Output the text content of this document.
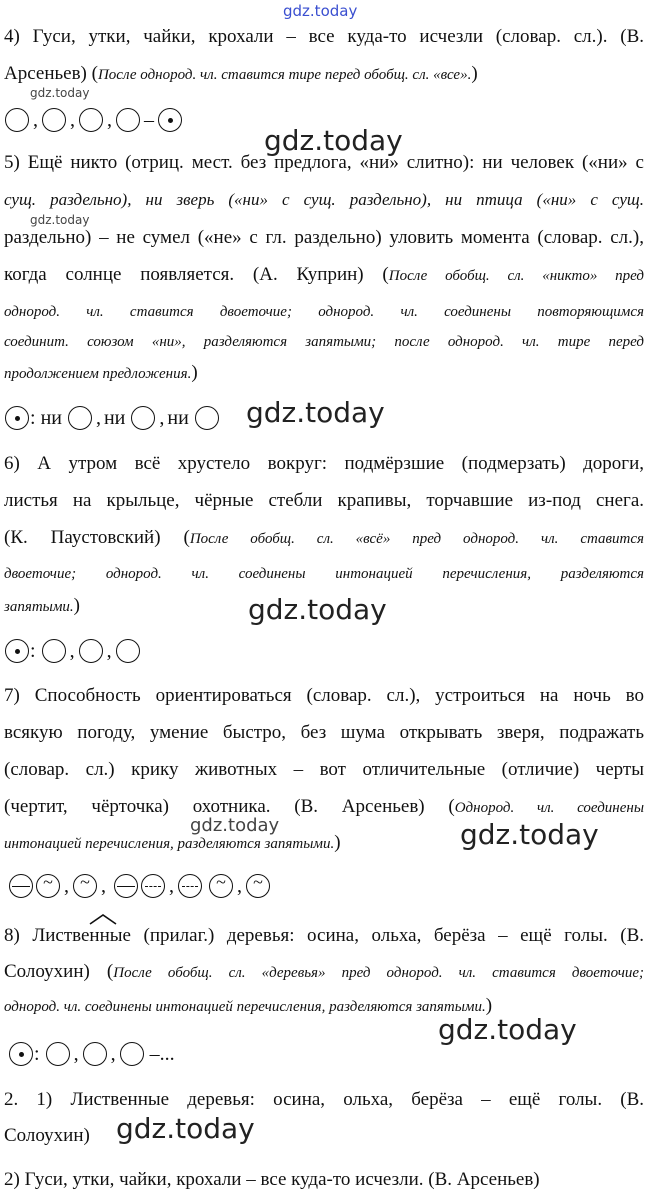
gdz.today
gdz.today
gdz.today
gdz.today
gdz.today
gdz.today
gdz.today	gdz.today
gdz.today
gdz.today
4) Гуси, утки, чайки, крохали – все куда-то исчезли (словар. сл.). (В.
Арсеньев) (После однород. чл. ставится тире перед обобщ. сл. «все».)
, , , –
5) Ещё никто (отриц. мест. без предлога, «ни» слитно): ни человек («ни» с
сущ. раздельно), ни зверь («ни» с сущ. раздельно), ни птица («ни» с сущ.
раздельно) – не сумел («не» с гл. раздельно) уловить момента (словар. сл.),
когда солнце появляется. (А. Куприн) (После обобщ. сл. «никто» пред
однород. чл. ставится двоеточие; однород. чл. соединены повторяющимся
соединит. союзом «ни», разделяются запятыми; после однород. чл. тире перед
продолжением предложения.)
:
ни
, ни
, ни

6) А утром всё хрустело вокруг: подмёрзшие (подмерзать) дороги,
листья на крыльце, чёрные стебли крапивы, торчавшие из-под снега.
(К. Паустовский) (После обобщ. сл. «всё» пред однород. чл. ставится
двоеточие; однород. чл. соединены интонацией перечисления, разделяются
запятыми.)
:
, ,
7) Способность ориентироваться (словар. сл.), устроиться на ночь во
всякую погоду, умение быстро, без шума открывать зверя, подражать
(словар. сл.) крику животных – вот отличительные (отличие) черты
(чертит, чёрточка) охотника. (В. Арсеньев) (Однород. чл. соединены
интонацией перечисления, разделяются запятыми.)

~
, ~ ,
	,
~	,
~
8) Лиственные (прилаг.) деревья: осина, ольха, берёза – ещё голы. (В.
Солоухин) (После обобщ. сл. «деревья» пред однород. чл. ставится двоеточие;
однород. чл. соединены интонацией перечисления, разделяются запятыми.)
:
, ,
–...
2. 1) Лиственные деревья: осина, ольха, берёза – ещё голы. (В.
Солоухин)
2) Гуси, утки, чайки, крохали – все куда-то исчезли. (В. Арсеньев)
